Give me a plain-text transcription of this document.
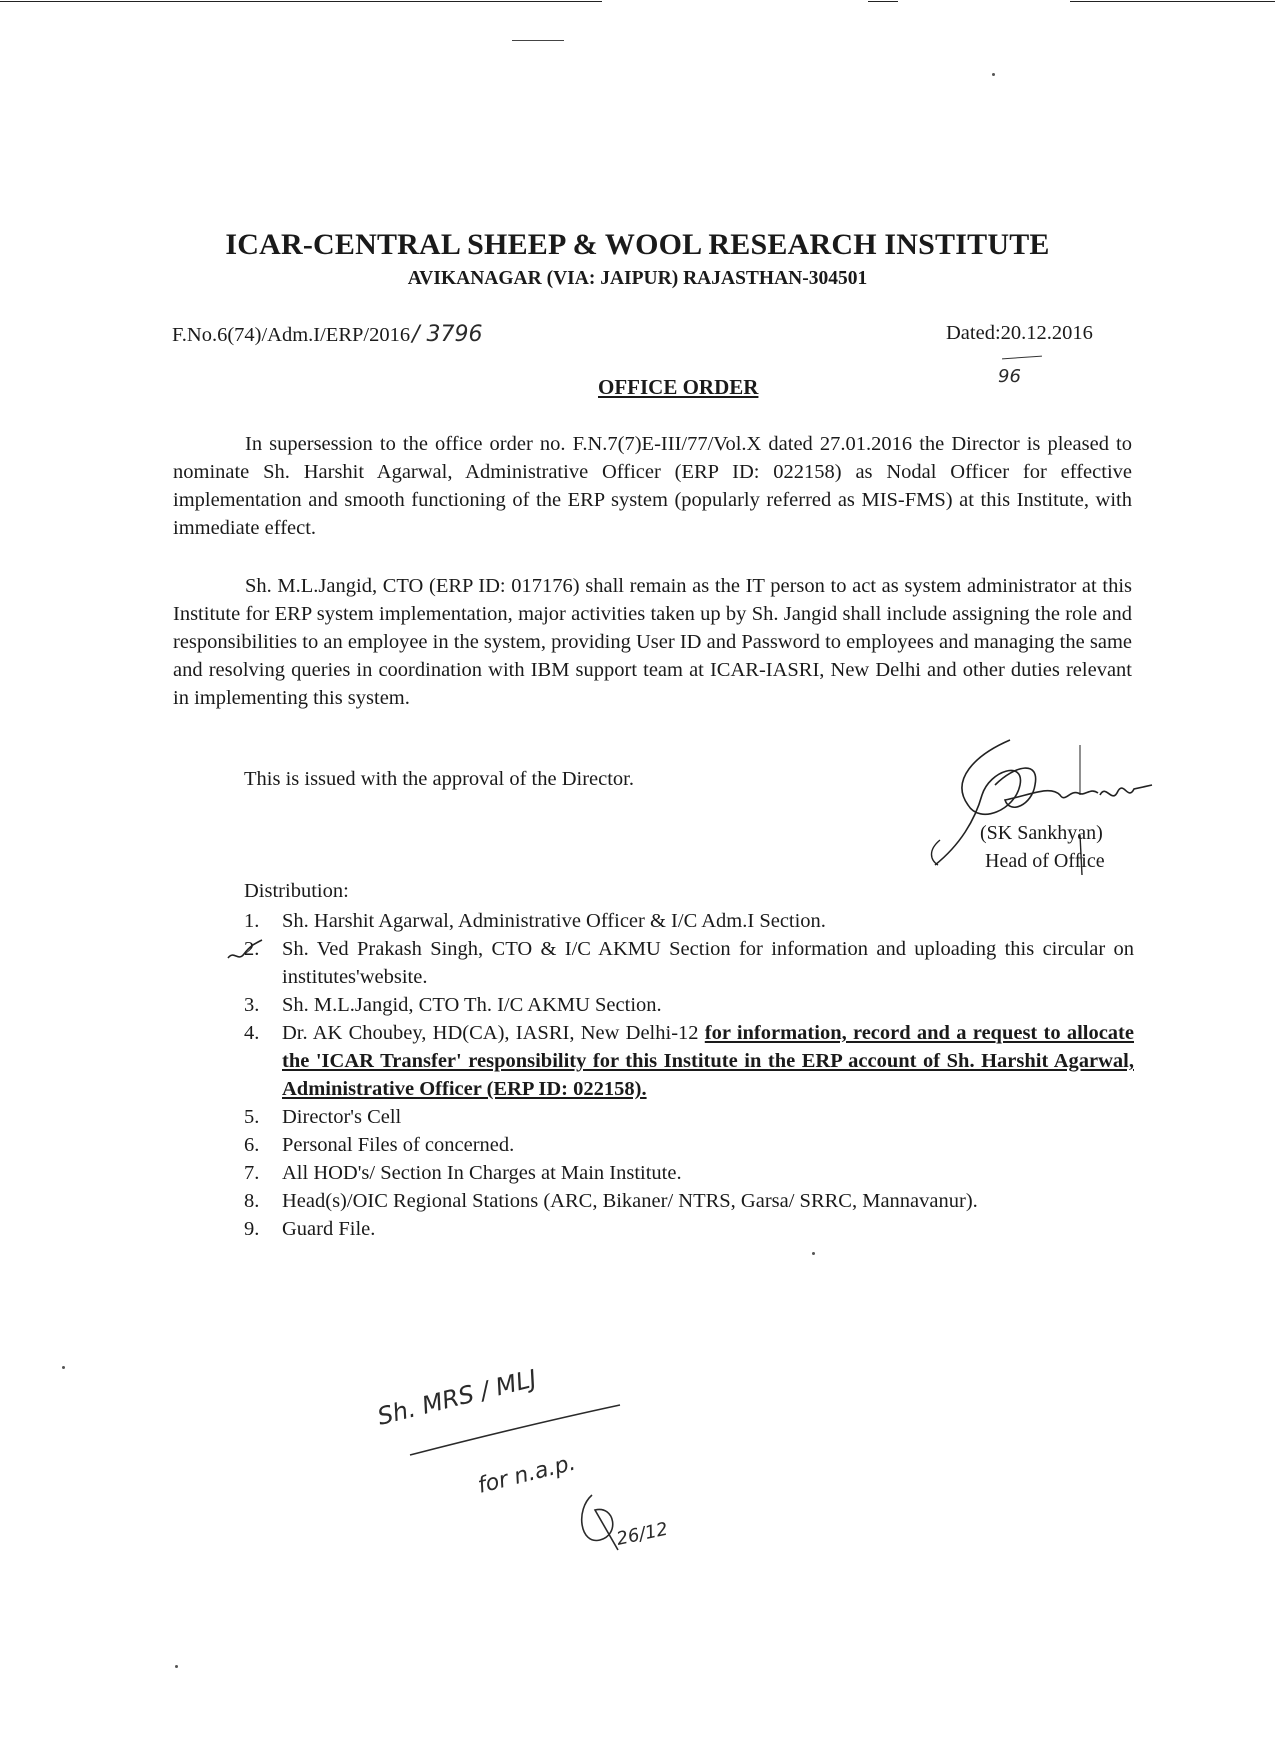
ICAR-CENTRAL SHEEP & WOOL RESEARCH INSTITUTE
AVIKANAGAR (VIA: JAIPUR) RAJASTHAN-304501
F.No.6(74)/Adm.I/ERP/2016/ 3796	Dated:20.12.2016
96
OFFICE ORDER
In supersession to the office order no. F.N.7(7)E-III/77/Vol.X dated 27.01.2016 the Director is pleased to nominate Sh. Harshit Agarwal, Administrative Officer (ERP ID: 022158) as Nodal Officer for effective implementation and smooth functioning of the ERP system (popularly referred as MIS-FMS) at this Institute, with immediate effect.
Sh. M.L.Jangid, CTO (ERP ID: 017176) shall remain as the IT person to act as system administrator at this Institute for ERP system implementation, major activities taken up by Sh. Jangid shall include assigning the role and responsibilities to an employee in the system, providing User ID and Password to employees and managing the same and resolving queries in coordination with IBM support team at ICAR-IASRI, New Delhi and other duties relevant in implementing this system.
This is issued with the approval of the Director.
(SK Sankhyan)
Head of Office
Distribution:
1. Sh. Harshit Agarwal, Administrative Officer & I/C Adm.I Section.
2. Sh. Ved Prakash Singh, CTO & I/C AKMU Section for information and uploading this circular on institutes'website.
3. Sh. M.L.Jangid, CTO Th. I/C AKMU Section.
4. Dr. AK Choubey, HD(CA), IASRI, New Delhi-12 for information, record and a request to allocate the 'ICAR Transfer' responsibility for this Institute in the ERP account of Sh. Harshit Agarwal, Administrative Officer (ERP ID: 022158).
5. Director's Cell
6. Personal Files of concerned.
7. All HOD's/ Section In Charges at Main Institute.
8. Head(s)/OIC Regional Stations (ARC, Bikaner/ NTRS, Garsa/ SRRC, Mannavanur).
9. Guard File.
Sh. MRS / MLJ
for n.a.p.
26/12
